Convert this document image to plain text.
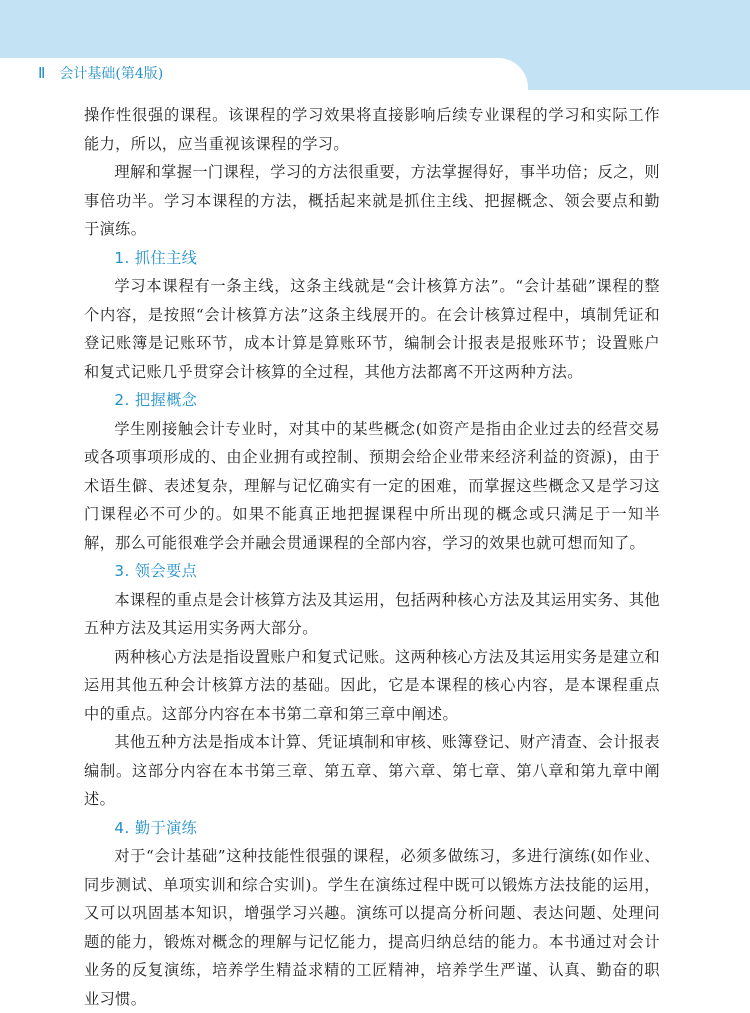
Ⅱ 会计基础(第4版)

操作性很强的课程。该课程的学习效果将直接影响后续专业课程的学习和实际工作能力，所以，应当重视该课程的学习。

理解和掌握一门课程，学习的方法很重要，方法掌握得好，事半功倍；反之，则事倍功半。学习本课程的方法，概括起来就是抓住主线、把握概念、领会要点和勤于演练。

1. 抓住主线

学习本课程有一条主线，这条主线就是“会计核算方法”。“会计基础”课程的整个内容，是按照“会计核算方法”这条主线展开的。在会计核算过程中，填制凭证和登记账簿是记账环节，成本计算是算账环节，编制会计报表是报账环节；设置账户和复式记账几乎贯穿会计核算的全过程，其他方法都离不开这两种方法。

2. 把握概念

学生刚接触会计专业时，对其中的某些概念(如资产是指由企业过去的经营交易或各项事项形成的、由企业拥有或控制、预期会给企业带来经济利益的资源)，由于术语生僻、表述复杂，理解与记忆确实有一定的困难，而掌握这些概念又是学习这门课程必不可少的。如果不能真正地把握课程中所出现的概念或只满足于一知半解，那么可能很难学会并融会贯通课程的全部内容，学习的效果也就可想而知了。

3. 领会要点

本课程的重点是会计核算方法及其运用，包括两种核心方法及其运用实务、其他五种方法及其运用实务两大部分。

两种核心方法是指设置账户和复式记账。这两种核心方法及其运用实务是建立和运用其他五种会计核算方法的基础。因此，它是本课程的核心内容，是本课程重点中的重点。这部分内容在本书第二章和第三章中阐述。

其他五种方法是指成本计算、凭证填制和审核、账簿登记、财产清查、会计报表编制。这部分内容在本书第三章、第五章、第六章、第七章、第八章和第九章中阐述。

4. 勤于演练

对于“会计基础”这种技能性很强的课程，必须多做练习，多进行演练(如作业、同步测试、单项实训和综合实训)。学生在演练过程中既可以锻炼方法技能的运用，又可以巩固基本知识，增强学习兴趣。演练可以提高分析问题、表达问题、处理问题的能力，锻炼对概念的理解与记忆能力，提高归纳总结的能力。本书通过对会计业务的反复演练，培养学生精益求精的工匠精神，培养学生严谨、认真、勤奋的职业习惯。
